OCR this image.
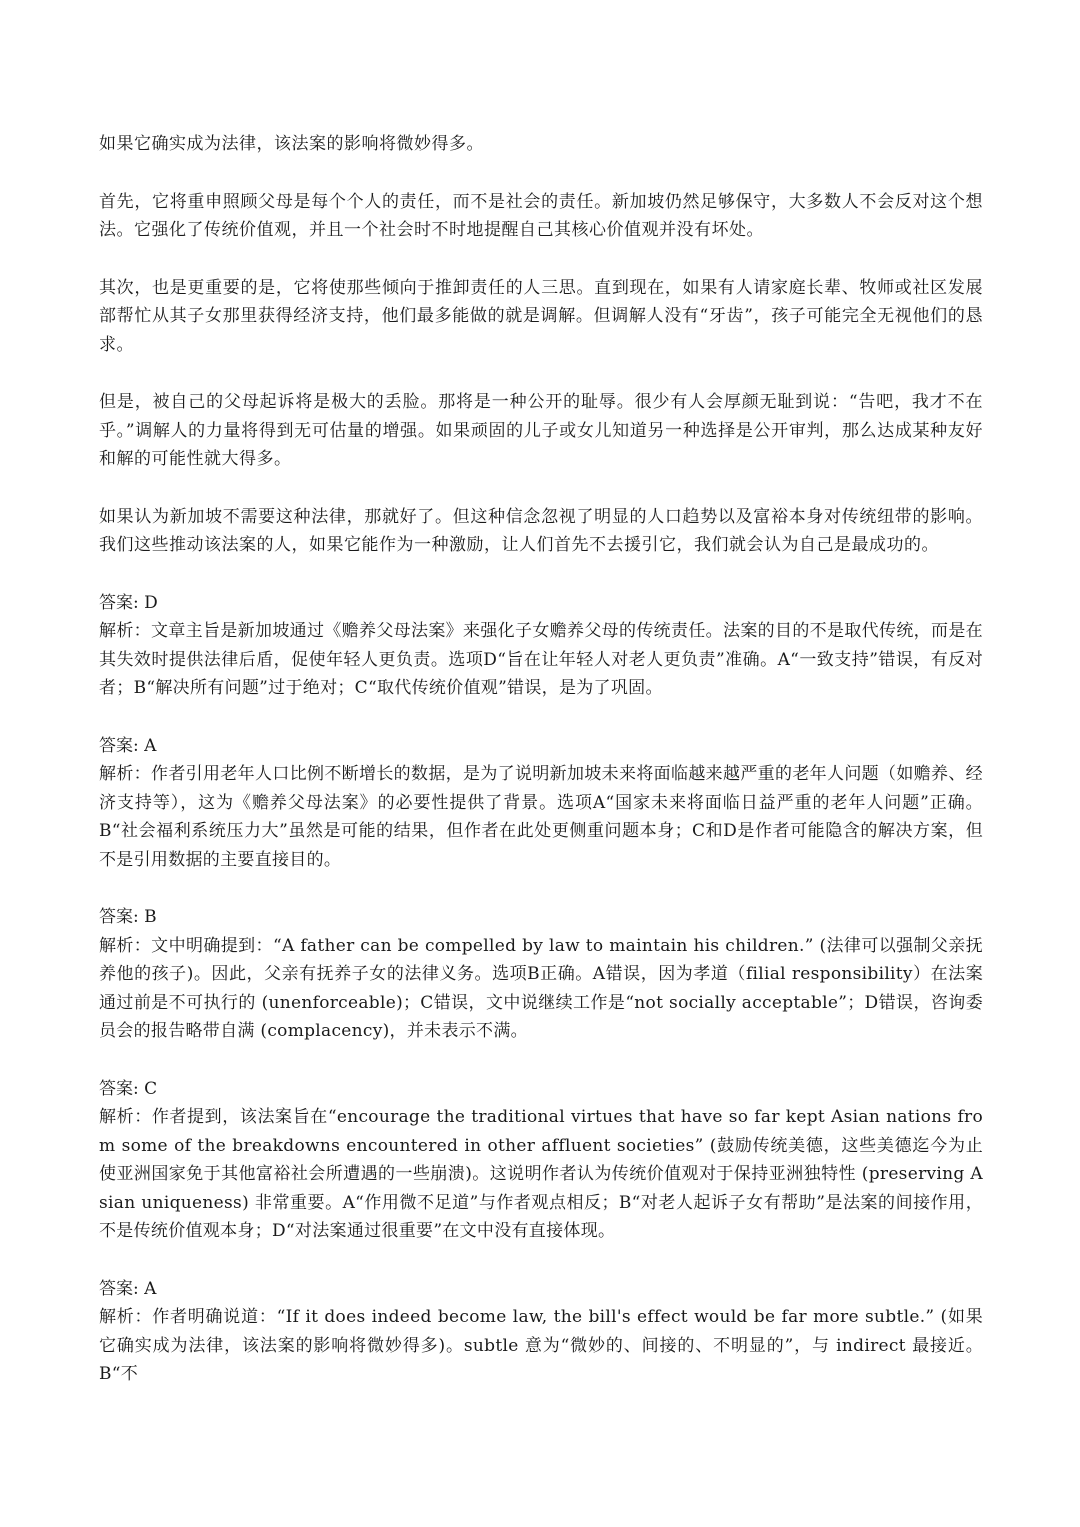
如果它确实成为法律，该法案的影响将微妙得多。

首先，它将重申照顾父母是每个个人的责任，而不是社会的责任。新加坡仍然足够保守，大多数人不会反对这个想法。它强化了传统价值观，并且一个社会时不时地提醒自己其核心价值观并没有坏处。

其次，也是更重要的是，它将使那些倾向于推卸责任的人三思。直到现在，如果有人请家庭长辈、牧师或社区发展部帮忙从其子女那里获得经济支持，他们最多能做的就是调解。但调解人没有“牙齿”，孩子可能完全无视他们的恳求。

但是，被自己的父母起诉将是极大的丢脸。那将是一种公开的耻辱。很少有人会厚颜无耻到说：“告吧，我才不在乎。”调解人的力量将得到无可估量的增强。如果顽固的儿子或女儿知道另一种选择是公开审判，那么达成某种友好和解的可能性就大得多。

如果认为新加坡不需要这种法律，那就好了。但这种信念忽视了明显的人口趋势以及富裕本身对传统纽带的影响。我们这些推动该法案的人，如果它能作为一种激励，让人们首先不去援引它，我们就会认为自己是最成功的。

答案: D

解析：文章主旨是新加坡通过《赡养父母法案》来强化子女赡养父母的传统责任。法案的目的不是取代传统，而是在其失效时提供法律后盾，促使年轻人更负责。选项D“旨在让年轻人对老人更负责”准确。A“一致支持”错误，有反对者；B“解决所有问题”过于绝对；C“取代传统价值观”错误，是为了巩固。

答案: A

解析：作者引用老年人口比例不断增长的数据，是为了说明新加坡未来将面临越来越严重的老年人问题（如赡养、经济支持等），这为《赡养父母法案》的必要性提供了背景。选项A“国家未来将面临日益严重的老年人问题”正确。B“社会福利系统压力大”虽然是可能的结果，但作者在此处更侧重问题本身；C和D是作者可能隐含的解决方案，但不是引用数据的主要直接目的。

答案: B

解析：文中明确提到：“A father can be compelled by law to maintain his children.” (法律可以强制父亲抚养他的孩子)。因此，父亲有抚养子女的法律义务。选项B正确。A错误，因为孝道（filial responsibility）在法案通过前是不可执行的 (unenforceable)；C错误，文中说继续工作是“not socially acceptable”；D错误，咨询委员会的报告略带自满 (complacency)，并未表示不满。

答案: C

解析：作者提到，该法案旨在“encourage the traditional virtues that have so far kept Asian nations from some of the breakdowns encountered in other affluent societies” (鼓励传统美德，这些美德迄今为止使亚洲国家免于其他富裕社会所遭遇的一些崩溃)。这说明作者认为传统价值观对于保持亚洲独特性 (preserving Asian uniqueness) 非常重要。A“作用微不足道”与作者观点相反；B“对老人起诉子女有帮助”是法案的间接作用，不是传统价值观本身；D“对法案通过很重要”在文中没有直接体现。

答案: A

解析：作者明确说道：“If it does indeed become law, the bill's effect would be far more subtle.” (如果它确实成为法律，该法案的影响将微妙得多)。subtle 意为“微妙的、间接的、不明显的”，与 indirect 最接近。B“不
